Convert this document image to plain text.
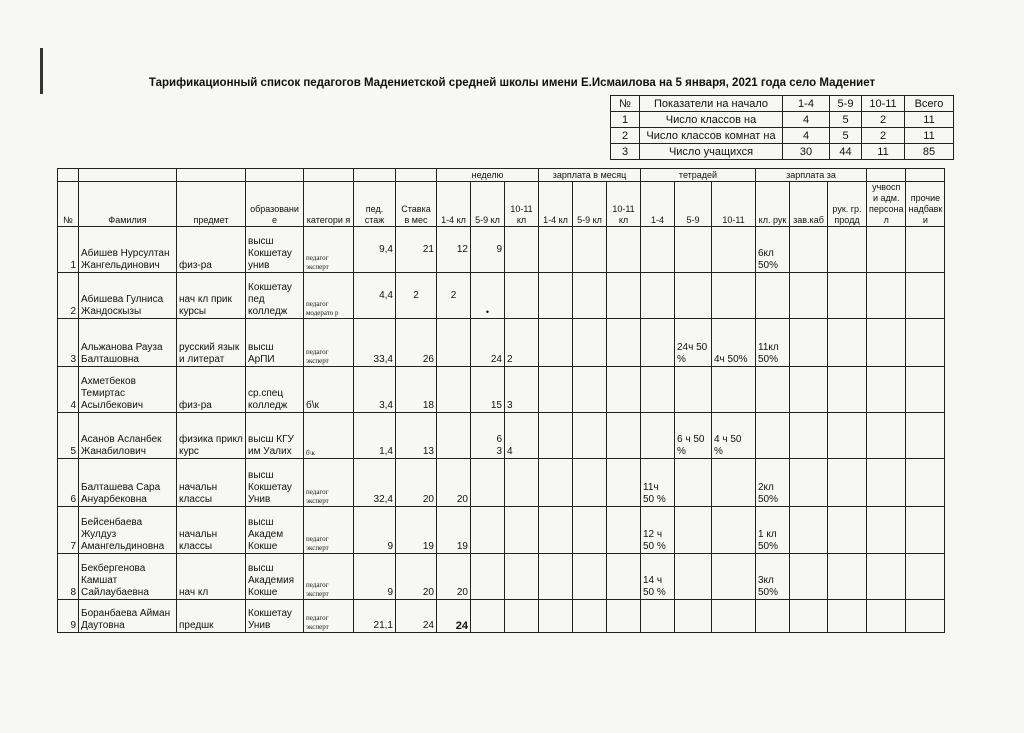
Тарификационный список педагогов Мадениетской средней школы имени Е.Исмаилова на 5 января, 2021 года село Мадениет
№	Показатели на начало	1-4	5-9	10-11	Всего
1	Число классов на	4	5	2	11
2	Число классов комнат на	4	5	2	11
3	Число учащихся	30	44	11	85
							неделю			зарплата в месяц			тетрадей			зарплата за				
№	Фамилия	предмет	образовани е	категори я	пед. стаж	Ставка в мес	1-4 кл	5-9 кл	10-11 кл	1-4 кл	5-9 кл	10-11 кл	1-4	5-9	10-11	кл. рук	зав.каб	рук. гр. продд	учвосп и адм. персона л	прочие надбавк и
1	Абишев Нурсултан Жангельдинович	физ-ра	высш Кокшетау унив	педагог эксперт	9,4	21	12	9								6кл 50%				
2	Абишева Гулниса Жандоскызы	нач кл прик курсы	Кокшетау пед колледж	педагог модерато р	4,4	2	2	•												

3	Альжанова Рауза Балташовна	русский язык и литерат	высш АрПИ	педагог эксперт	33,4	26		24	2					24ч 50 %	4ч 50%	11кл 50%				
4	Ахметбеков Темиртас Асылбекович	физ-ра	ср.спец колледж	б\к	3,4	18		15	3											
5	Асанов Асланбек Жанабилович	физика прикл курс	высш КГУ им Уалих	б\к	1,4	13		6 3	4					6 ч 50 %	4 ч 50 %					
6	Балташева Сара Ануарбековна	начальн классы	высш Кокшетау Унив	педагог эксперт	32,4	20	20						11ч 50 %			2кл 50%				
7	Бейсенбаева Жулдуз Амангельдиновна	начальн классы	высш Академ Кокше	педагог эксперт	9	19	19						12 ч 50 %			1 кл 50%				
8	Бекбергенова Камшат Сайлаубаевна	нач кл	высш Академия Кокше	педагог эксперт	9	20	20						14 ч 50 %			3кл 50%				
9	Боранбаева Айман Даутовна	предшк	Кокшетау Унив	педагог эксперт	21,1	24	24													
